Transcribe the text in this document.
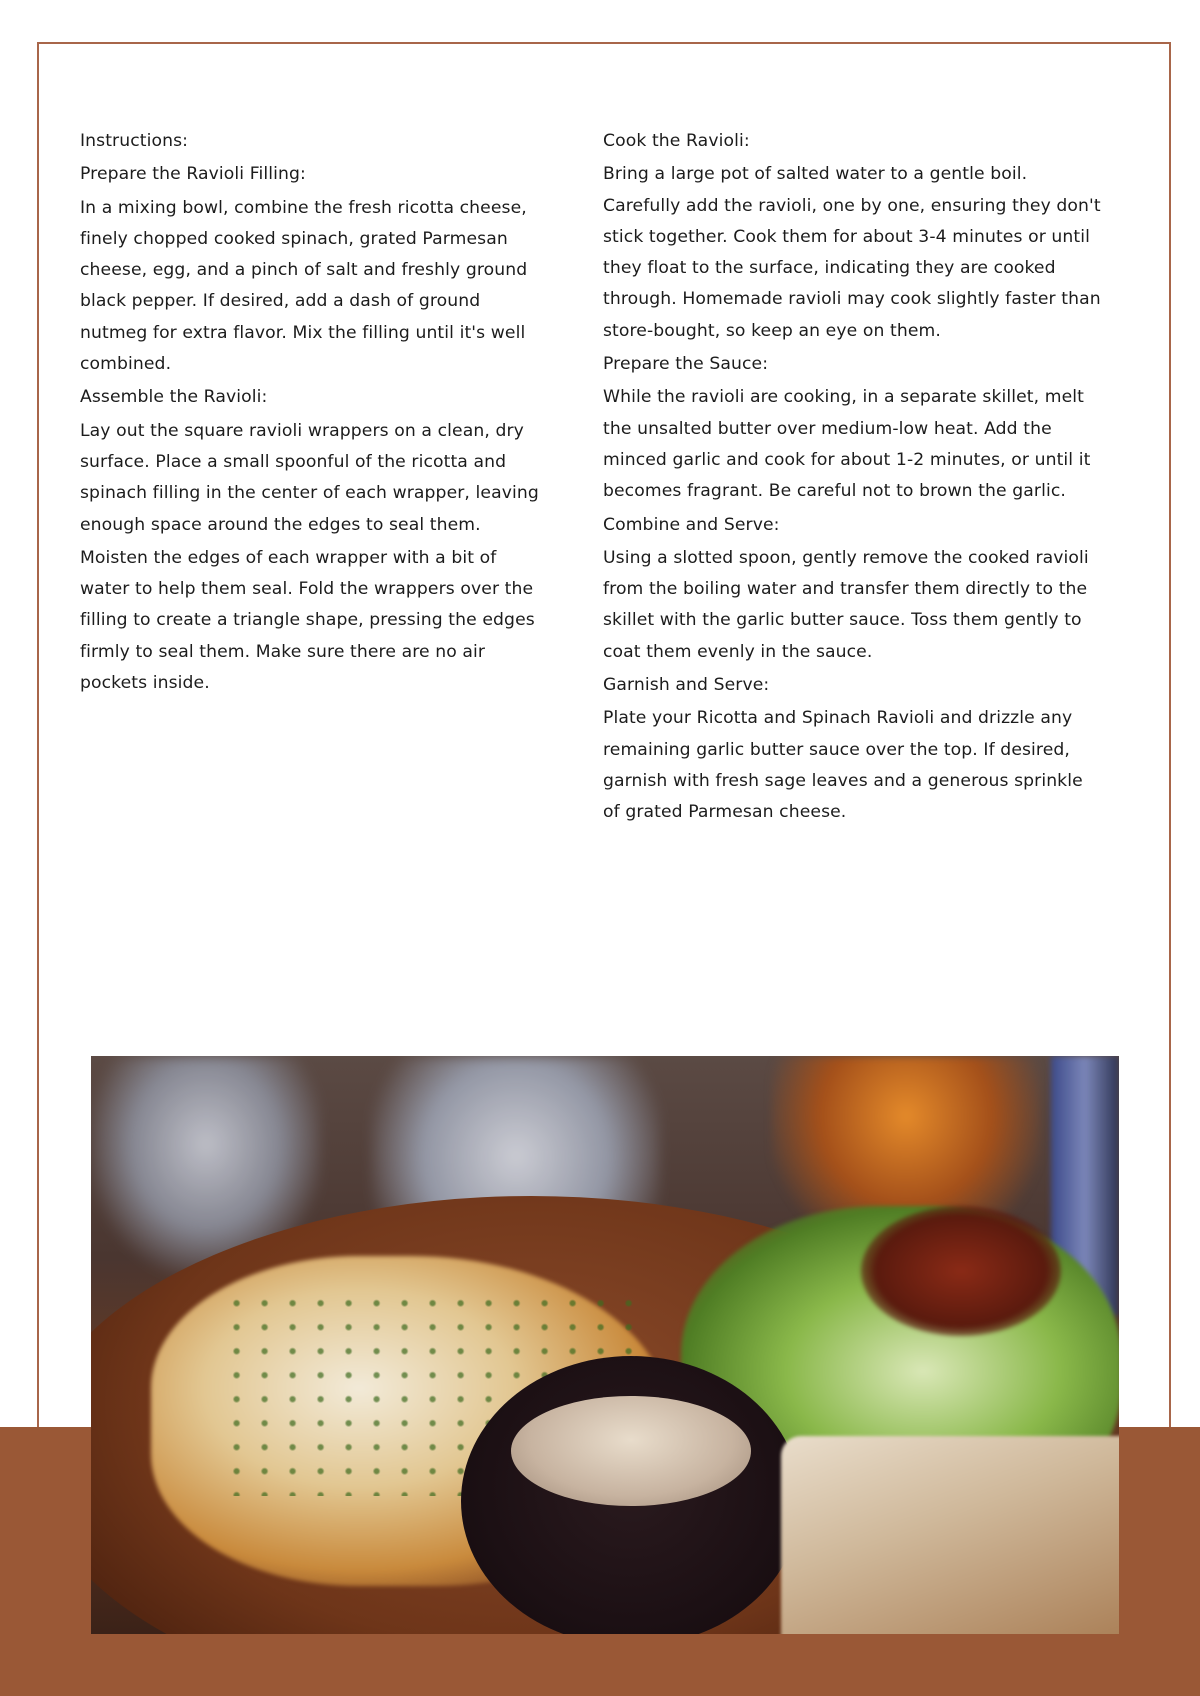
Instructions:

Prepare the Ravioli Filling:

In a mixing bowl, combine the fresh ricotta cheese, finely chopped cooked spinach, grated Parmesan cheese, egg, and a pinch of salt and freshly ground black pepper. If desired, add a dash of ground nutmeg for extra flavor. Mix the filling until it's well combined.

Assemble the Ravioli:

Lay out the square ravioli wrappers on a clean, dry surface. Place a small spoonful of the ricotta and spinach filling in the center of each wrapper, leaving enough space around the edges to seal them.

Moisten the edges of each wrapper with a bit of water to help them seal. Fold the wrappers over the filling to create a triangle shape, pressing the edges firmly to seal them. Make sure there are no air pockets inside.

Cook the Ravioli:

Bring a large pot of salted water to a gentle boil. Carefully add the ravioli, one by one, ensuring they don't stick together. Cook them for about 3-4 minutes or until they float to the surface, indicating they are cooked through. Homemade ravioli may cook slightly faster than store-bought, so keep an eye on them.

Prepare the Sauce:

While the ravioli are cooking, in a separate skillet, melt the unsalted butter over medium-low heat. Add the minced garlic and cook for about 1-2 minutes, or until it becomes fragrant. Be careful not to brown the garlic.

Combine and Serve:

Using a slotted spoon, gently remove the cooked ravioli from the boiling water and transfer them directly to the skillet with the garlic butter sauce. Toss them gently to coat them evenly in the sauce.

Garnish and Serve:

Plate your Ricotta and Spinach Ravioli and drizzle any remaining garlic butter sauce over the top. If desired, garnish with fresh sage leaves and a generous sprinkle of grated Parmesan cheese.
